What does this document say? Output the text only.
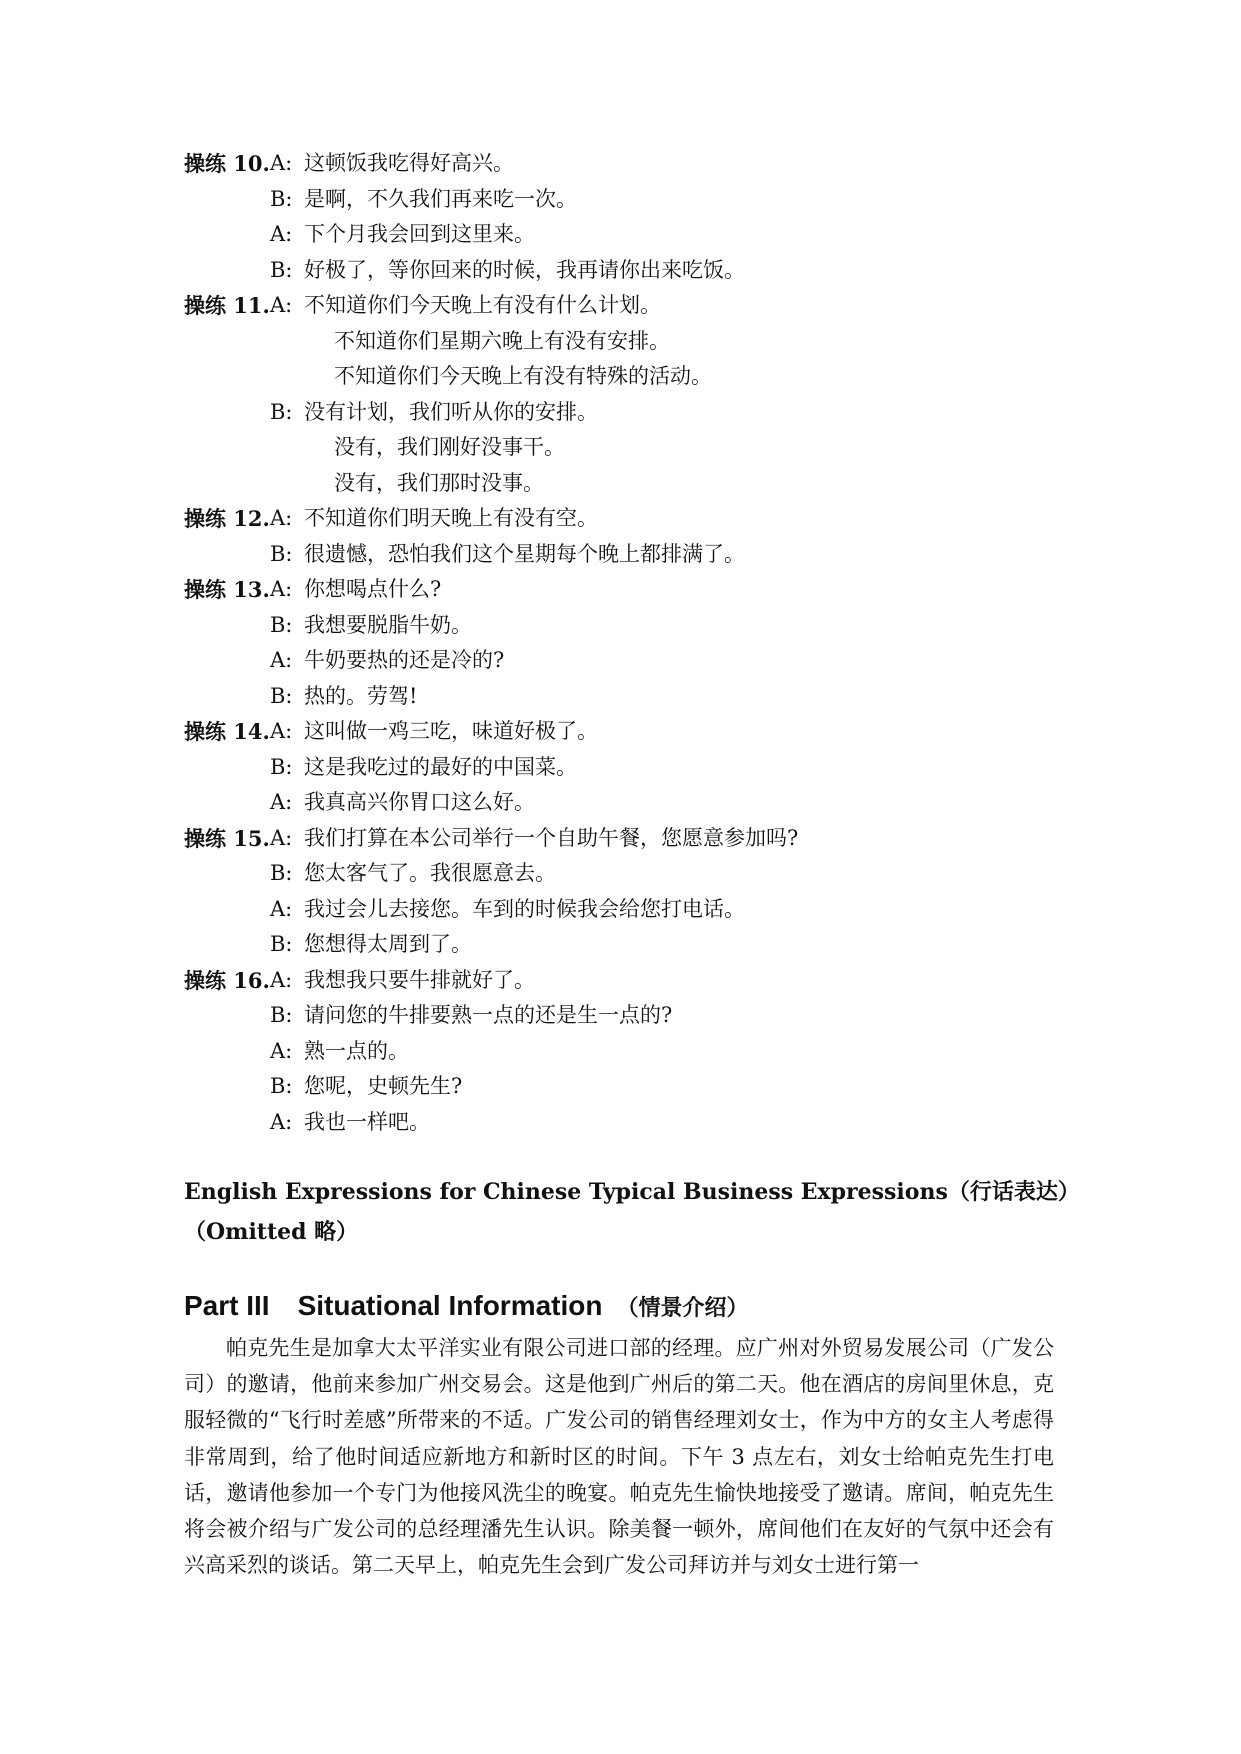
操练 10. A: 这顿饭我吃得好高兴。
B: 是啊，不久我们再来吃一次。
A: 下个月我会回到这里来。
B: 好极了，等你回来的时候，我再请你出来吃饭。
操练 11. A: 不知道你们今天晚上有没有什么计划。
不知道你们星期六晚上有没有安排。
不知道你们今天晚上有没有特殊的活动。
B: 没有计划，我们听从你的安排。
没有，我们刚好没事干。
没有，我们那时没事。
操练 12. A: 不知道你们明天晚上有没有空。
B: 很遗憾，恐怕我们这个星期每个晚上都排满了。
操练 13. A: 你想喝点什么?
B: 我想要脱脂牛奶。
A: 牛奶要热的还是冷的?
B: 热的。劳驾!
操练 14. A: 这叫做一鸡三吃，味道好极了。
B: 这是我吃过的最好的中国菜。
A: 我真高兴你胃口这么好。
操练 15. A: 我们打算在本公司举行一个自助午餐，您愿意参加吗?
B: 您太客气了。我很愿意去。
A: 我过会儿去接您。车到的时候我会给您打电话。
B: 您想得太周到了。
操练 16. A: 我想我只要牛排就好了。
B: 请问您的牛排要熟一点的还是生一点的?
A: 熟一点的。
B: 您呢，史顿先生?
A: 我也一样吧。
English Expressions for Chinese Typical Business Expressions（行话表达）
（Omitted 略）
Part III　Situational Information （情景介绍）
帕克先生是加拿大太平洋实业有限公司进口部的经理。应广州对外贸易发展公司（广发公司）的邀请，他前来参加广州交易会。这是他到广州后的第二天。他在酒店的房间里休息，克服轻微的“飞行时差感”所带来的不适。广发公司的销售经理刘女士，作为中方的女主人考虑得非常周到，给了他时间适应新地方和新时区的时间。下午 3 点左右，刘女士给帕克先生打电话，邀请他参加一个专门为他接风洗尘的晚宴。帕克先生愉快地接受了邀请。席间，帕克先生将会被介绍与广发公司的总经理潘先生认识。除美餐一顿外，席间他们在友好的气氛中还会有兴高采烈的谈话。第二天早上，帕克先生会到广发公司拜访并与刘女士进行第一
